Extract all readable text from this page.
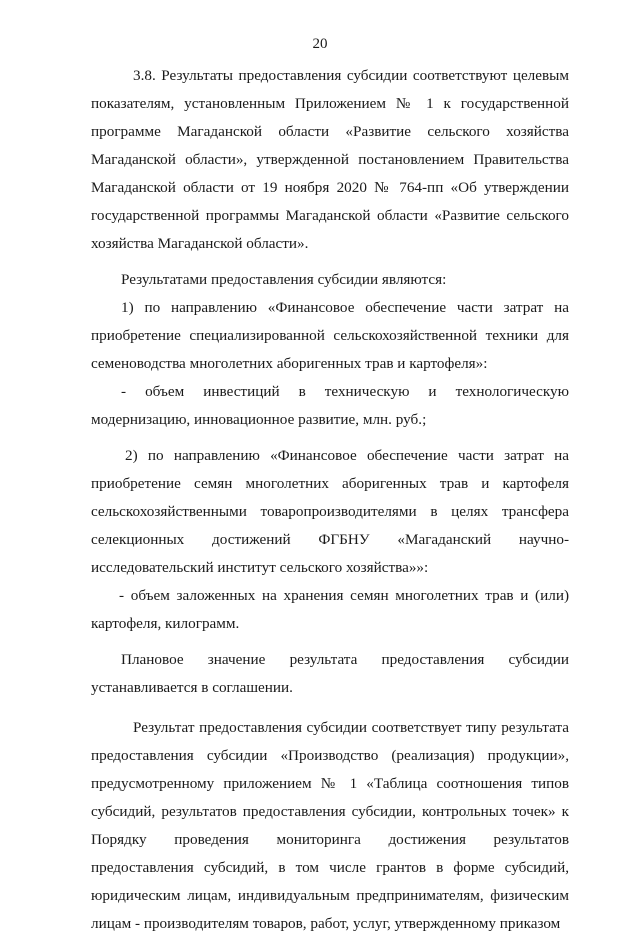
20

3.8. Результаты предоставления субсидии соответствуют целевым показателям, установленным Приложением № 1 к государственной программе Магаданской области «Развитие сельского хозяйства Магаданской области», утвержденной постановлением Правительства Магаданской области от 19 ноября 2020 № 764-пп «Об утверждении государственной программы Магаданской области «Развитие сельского хозяйства Магаданской области».

Результатами предоставления субсидии являются:

1) по направлению «Финансовое обеспечение части затрат на приобретение специализированной сельскохозяйственной техники для семеноводства многолетних аборигенных трав и картофеля»:

- объем инвестиций в техническую и технологическую модернизацию, инновационное развитие, млн. руб.;

2) по направлению «Финансовое обеспечение части затрат на приобретение семян многолетних аборигенных трав и картофеля сельскохозяйственными товаропроизводителями в целях трансфера селекционных достижений ФГБНУ «Магаданский научно-исследовательский институт сельского хозяйства»»:

- объем заложенных на хранения семян многолетних трав и (или) картофеля, килограмм.

Плановое значение результата предоставления субсидии устанавливается в соглашении.

Результат предоставления субсидии соответствует типу результата предоставления субсидии «Производство (реализация) продукции», предусмотренному приложением № 1 «Таблица соотношения типов субсидий, результатов предоставления субсидии, контрольных точек» к Порядку проведения мониторинга достижения результатов предоставления субсидий, в том числе грантов в форме субсидий, юридическим лицам, индивидуальным предпринимателям, физическим лицам - производителям товаров, работ, услуг, утвержденному приказом
